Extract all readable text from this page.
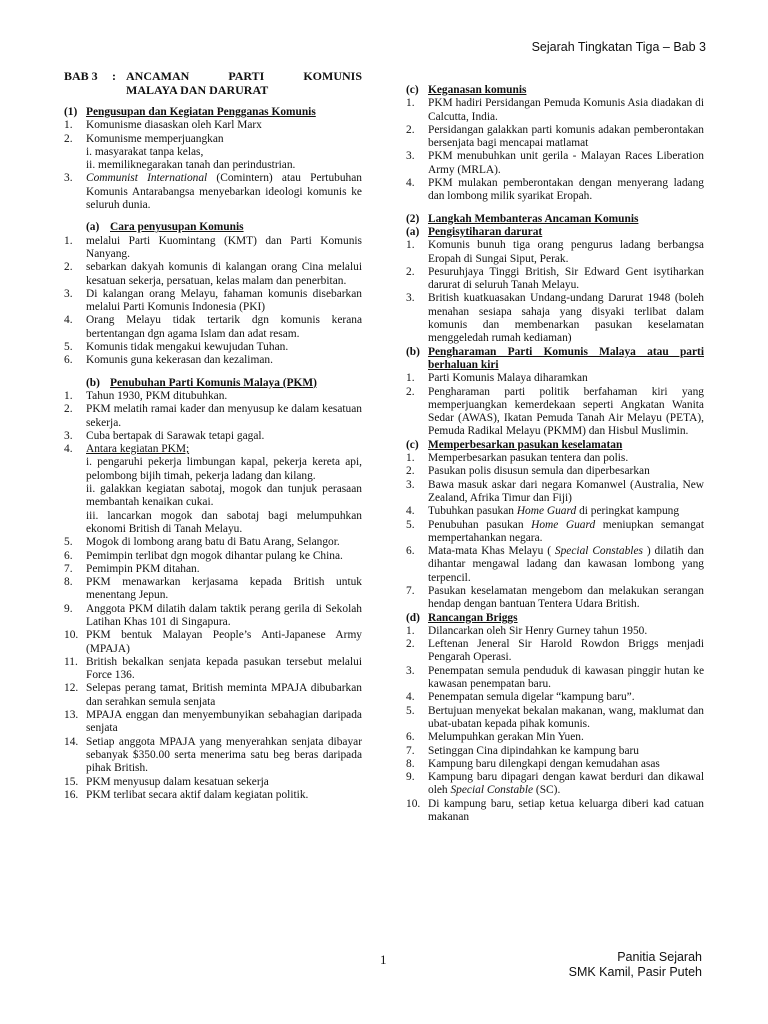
Sejarah Tingkatan Tiga – Bab 3
BAB 3	: ANCAMAN	PARTI	KOMUNIS
MALAYA DAN DARURAT
(1) Pengusupan dan Kegiatan Pengganas Komunis
1.	Komunisme diasaskan oleh Karl Marx
2.	Komunisme memperjuangkan
i. masyarakat tanpa kelas,
ii. memiliknegarakan tanah dan perindustrian.
3.	Communist International (Comintern) atau Pertubuhan Komunis Antarabangsa menyebarkan ideologi komunis ke seluruh dunia.
(a) Cara penyusupan Komunis
1.	melalui Parti Kuomintang (KMT) dan Parti Komunis Nanyang.
2.	sebarkan dakyah komunis di kalangan orang Cina melalui kesatuan sekerja, persatuan, kelas malam dan penerbitan.
3.	Di kalangan orang Melayu, fahaman komunis disebarkan melalui Parti Komunis Indonesia (PKI)
4.	Orang Melayu tidak tertarik dgn komunis kerana bertentangan dgn agama Islam dan adat resam.
5.	Komunis tidak mengakui kewujudan Tuhan.
6.	Komunis guna kekerasan dan kezaliman.
(b) Penubuhan Parti Komunis Malaya (PKM)
1.	Tahun 1930, PKM ditubuhkan.
2.	PKM melatih ramai kader dan menyusup ke dalam kesatuan sekerja.
3.	Cuba bertapak di Sarawak tetapi gagal.
4.	Antara kegiatan PKM;
i. pengaruhi pekerja limbungan kapal, pekerja kereta api, pelombong bijih timah, pekerja ladang dan kilang.
ii. galakkan kegiatan sabotaj, mogok dan tunjuk perasaan membantah kenaikan cukai.
iii. lancarkan mogok dan sabotaj bagi melumpuhkan ekonomi British di Tanah Melayu.
5.	Mogok di lombong arang batu di Batu Arang, Selangor.
6.	Pemimpin terlibat dgn mogok dihantar pulang ke China.
7.	Pemimpin PKM ditahan.
8.	PKM menawarkan kerjasama kepada British untuk menentang Jepun.
9.	Anggota PKM dilatih dalam taktik perang gerila di Sekolah Latihan Khas 101 di Singapura.
10. PKM bentuk Malayan People’s Anti-Japanese Army (MPAJA)
11. British bekalkan senjata kepada pasukan tersebut melalui Force 136.
12. Selepas perang tamat, British meminta MPAJA dibubarkan dan serahkan semula senjata
13. MPAJA enggan dan menyembunyikan sebahagian daripada senjata
14. Setiap anggota MPAJA yang menyerahkan senjata dibayar sebanyak $350.00 serta menerima satu beg beras daripada pihak British.
15. PKM menyusup dalam kesatuan sekerja
16. PKM terlibat secara aktif dalam kegiatan politik.
(c) Keganasan komunis
1.	PKM hadiri Persidangan Pemuda Komunis Asia diadakan di Calcutta, India.
2.	Persidangan galakkan parti komunis adakan pemberontakan bersenjata bagi mencapai matlamat
3.	PKM menubuhkan unit gerila - Malayan Races Liberation Army (MRLA).
4.	PKM mulakan pemberontakan dengan menyerang ladang dan lombong milik syarikat Eropah.
(2) Langkah Membanteras Ancaman Komunis
(a) Pengisytiharan darurat
1.	Komunis bunuh tiga orang pengurus ladang berbangsa Eropah di Sungai Siput, Perak.
2.	Pesuruhjaya Tinggi British, Sir Edward Gent isytiharkan darurat di seluruh Tanah Melayu.
3.	British kuatkuasakan Undang-undang Darurat 1948 (boleh menahan sesiapa sahaja yang disyaki terlibat dalam komunis dan membenarkan pasukan keselamatan menggeledah rumah kediaman)
(b) Pengharaman Parti Komunis Malaya atau parti berhaluan kiri
1.	Parti Komunis Malaya diharamkan
2.	Pengharaman parti politik berfahaman kiri yang memperjuangkan kemerdekaan seperti Angkatan Wanita Sedar (AWAS), Ikatan Pemuda Tanah Air Melayu (PETA), Pemuda Radikal Melayu (PKMM) dan Hisbul Muslimin.
(c) Memperbesarkan pasukan keselamatan
1.	Memperbesarkan pasukan tentera dan polis.
2.	Pasukan polis disusun semula dan diperbesarkan
3.	Bawa masuk askar dari negara Komanwel (Australia, New Zealand, Afrika Timur dan Fiji)
4.	Tubuhkan pasukan Home Guard di peringkat kampung
5.	Penubuhan pasukan Home Guard meniupkan semangat mempertahankan negara.
6.	Mata-mata Khas Melayu ( Special Constables ) dilatih dan dihantar mengawal ladang dan kawasan lombong yang terpencil.
7.	Pasukan keselamatan mengebom dan melakukan serangan hendap dengan bantuan Tentera Udara British.
(d) Rancangan Briggs
1.	Dilancarkan oleh Sir Henry Gurney tahun 1950.
2.	Leftenan Jeneral Sir Harold Rowdon Briggs menjadi Pengarah Operasi.
3.	Penempatan semula penduduk di kawasan pinggir hutan ke kawasan penempatan baru.
4.	Penempatan semula digelar “kampung baru”.
5.	Bertujuan menyekat bekalan makanan, wang, maklumat dan ubat-ubatan kepada pihak komunis.
6.	Melumpuhkan gerakan Min Yuen.
7.	Setinggan Cina dipindahkan ke kampung baru
8.	Kampung baru dilengkapi dengan kemudahan asas
9.	Kampung baru dipagari dengan kawat berduri dan dikawal oleh Special Constable (SC).
10. Di kampung baru, setiap ketua keluarga diberi kad catuan makanan
1	Panitia Sejarah
SMK Kamil, Pasir Puteh
